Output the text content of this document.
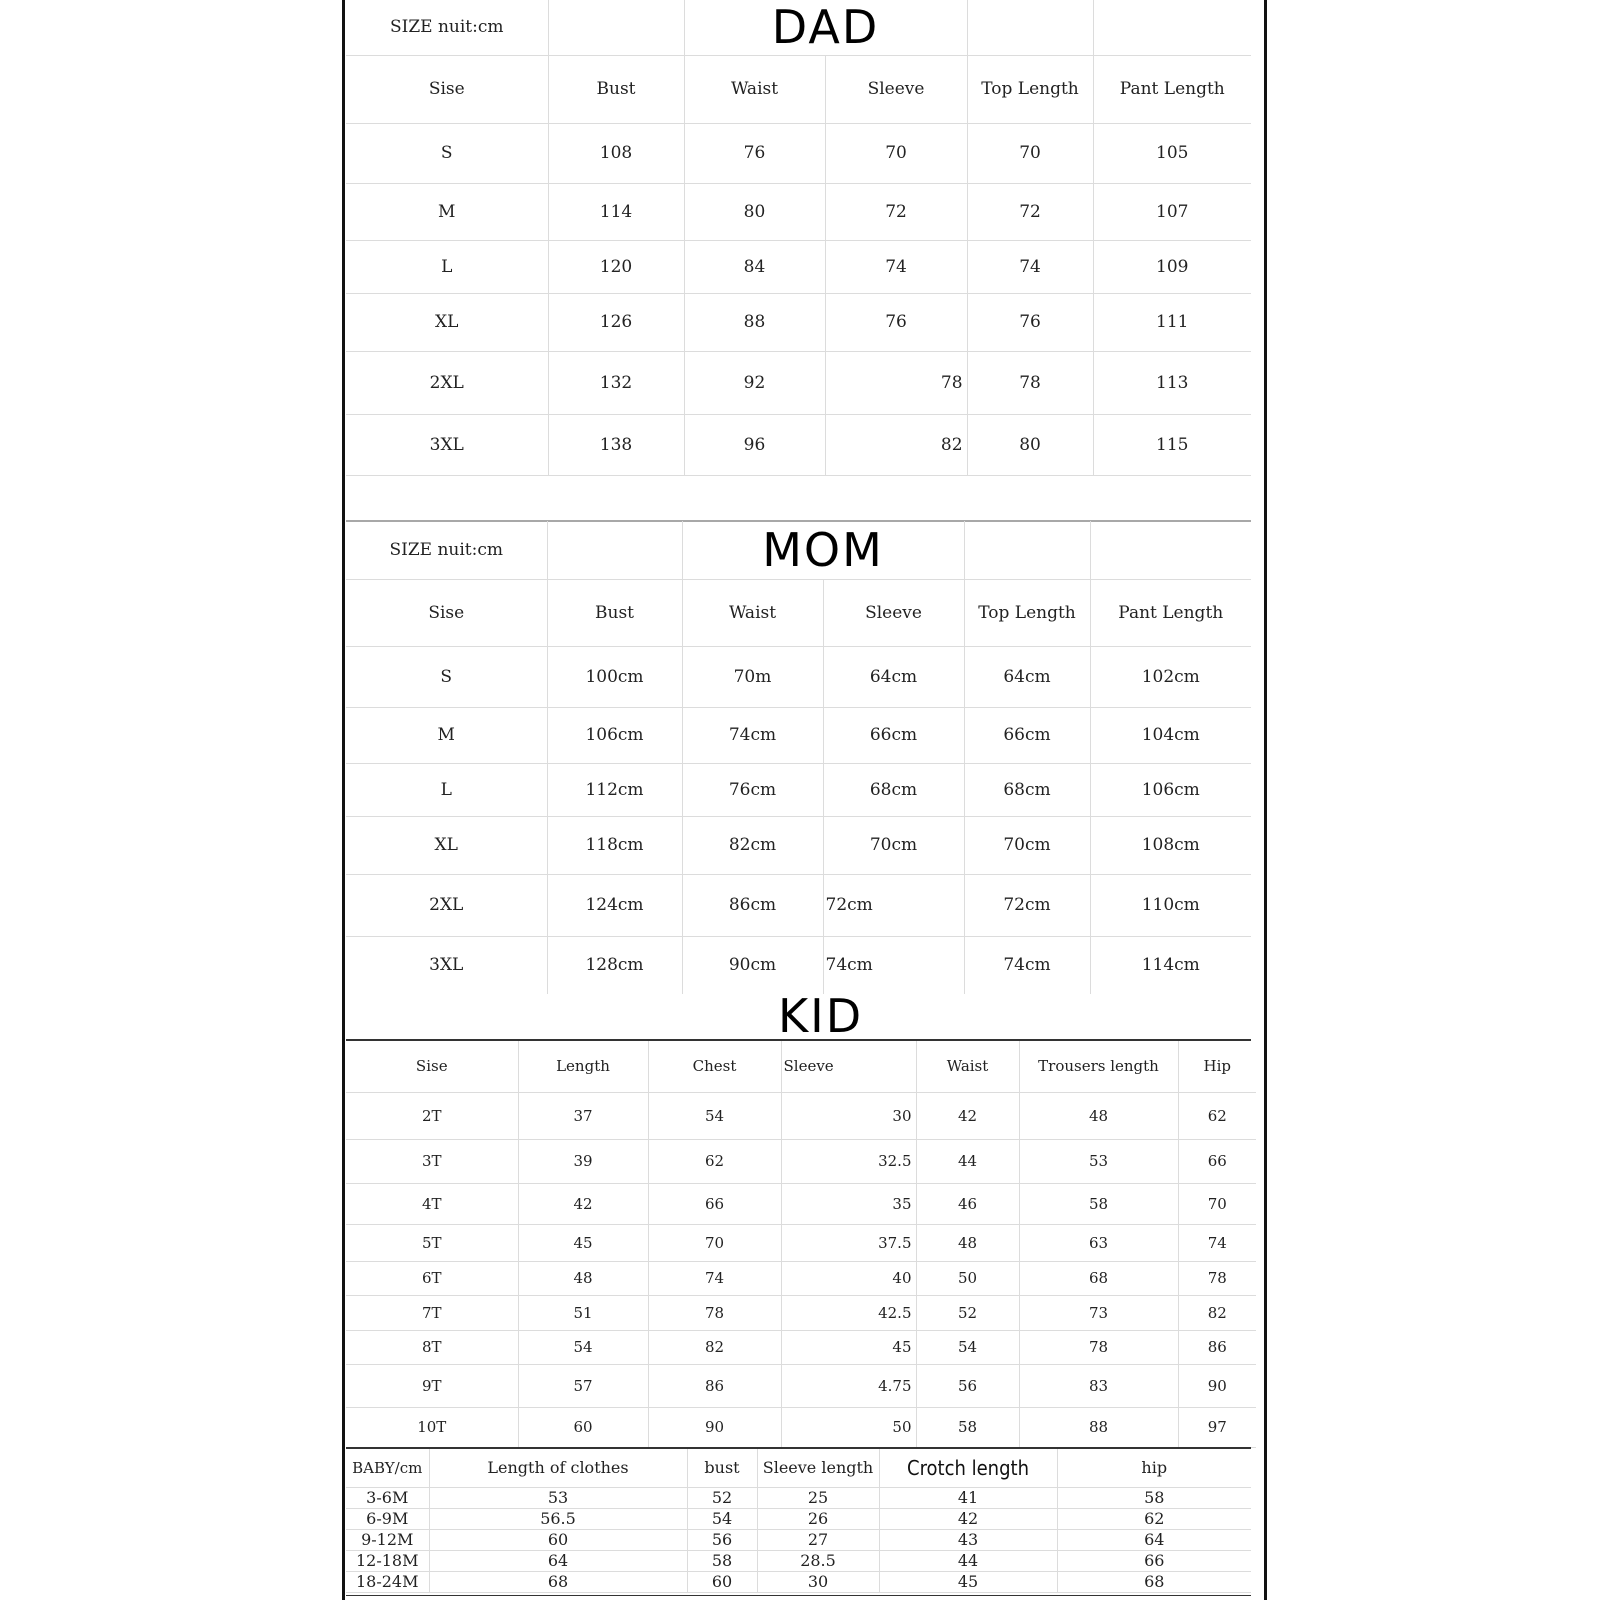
SIZE nuit:cm		DAD			
Sise	Bust	Waist	Sleeve	Top Length	Pant Length
S	108	76	70	70	105
M	114	80	72	72	107
L	120	84	74	74	109
XL	126	88	76	76	111
2XL	132	92	78	78	113
3XL	138	96	82	80	115
SIZE nuit:cm		MOM			
Sise	Bust	Waist	Sleeve	Top Length	Pant Length
S	100cm	70m	64cm	64cm	102cm
M	106cm	74cm	66cm	66cm	104cm
L	112cm	76cm	68cm	68cm	106cm
XL	118cm	82cm	70cm	70cm	108cm
2XL	124cm	86cm	72cm	72cm	110cm
3XL	128cm	90cm	74cm	74cm	114cm
KID
Sise	Length	Chest	Sleeve	Waist	Trousers length	Hip
2T	37	54	30	42	48	62
3T	39	62	32.5	44	53	66
4T	42	66	35	46	58	70
5T	45	70	37.5	48	63	74
6T	48	74	40	50	68	78
7T	51	78	42.5	52	73	82
8T	54	82	45	54	78	86
9T	57	86	4.75	56	83	90
10T	60	90	50	58	88	97
BABY/cm	Length of clothes	bust	Sleeve length	Crotch length	hip
3-6M	53	52	25	41	58
6-9M	56.5	54	26	42	62
9-12M	60	56	27	43	64
12-18M	64	58	28.5	44	66
18-24M	68	60	30	45	68
